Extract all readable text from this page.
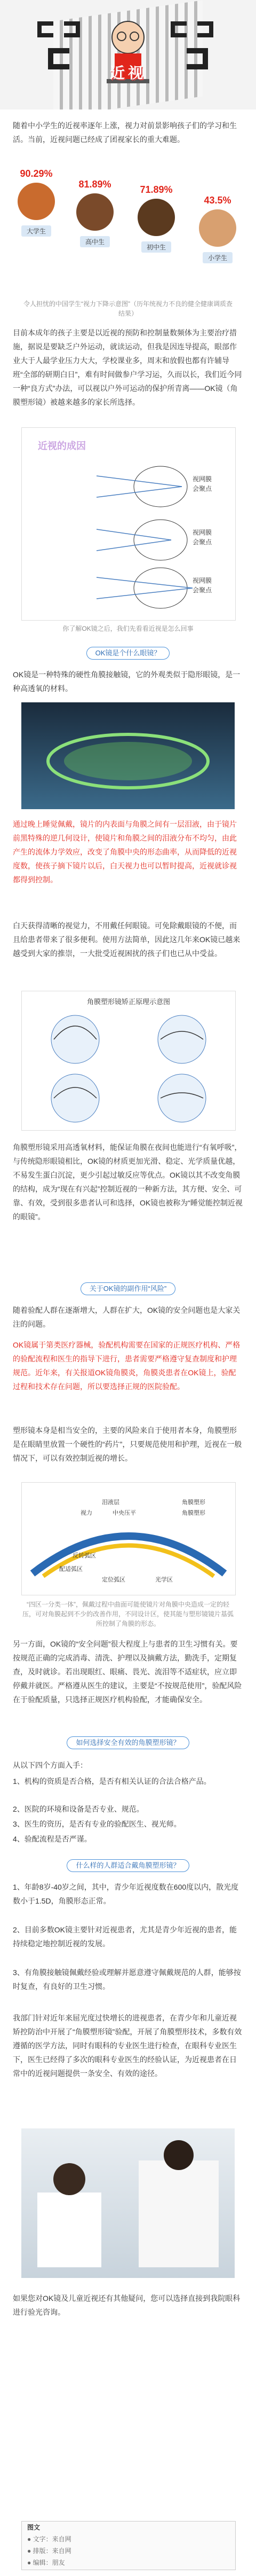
近视
随着中小学生的近视率逐年上涨，视力对前景影响孩子们的学习和生活。当前，近视问题已经成了团视家长的重大难题。
90.29%
大学生
81.89%
高中生
71.89%
初中生
43.5%
小学生
令人担忧的中国学生“视力下降示意图”（历年统视力不良的健全健康调质查结果）
目前本成年的孩子主要是以近视的预防和控制量数频体为主要治疗措施，据说是要缺乏户外运动，就读运动，但我是因连导提高，眼部作业大于人最学业压力大大，学校课业多，周末和放假也都有许辅导班“全部的研期白日”，难有时间做参户学习运，久而以长，我们近今同一种“良方式”办法，可以视以户外可运动的保护所青离——OK镜（角膜塑形镜）被越来越多的家长所选择。
近视的成因
视网膜
会聚点
视网膜
会聚点
视网膜
会聚点
你了解OK镜之后，我们先看看近视是怎么回事
OK镜是个什么眼镜？
OK镜是一种特殊的硬性角膜接触镜，它的外观类似于隐形眼镜，是一种高透氧的材料。
通过晚上睡觉佩戴，镜片的内表面与角膜之间有一层泪液，由于镜片前黑特殊的逆几何设计，使镜片和角膜之间的泪液分布不均匀，由此产生的流体力学效应，改变了角膜中央的形态曲率，从而降低的近视度数，使孩子摘下镜片以后，白天视力也可以暂时提高，近视就诊视都得到控制。
白天获得清晰的视觉力，不用戴任何眼镜。可免除戴眼镜的不便，而且给患者带来了很多便利。使用方法简单，因此这几年来OK镜已越来越受到大家的推崇，一大批受近视困扰的孩子们也已从中受益。
角膜塑形镜矫正原理示意图
角膜塑形镜采用高透氧材料，能保证角膜在夜间也能进行“有氧呼吸”，与传统隐形眼镜相比，OK镜的材质更加光滑、稳定、光学质量优越，不易发生蛋白沉淀，更少引起过敏反应等优点。OK镜以其不改变角膜的结构，成为“现在有兴起”控制近视的一种新方法，其方便、安全、可靠、有效，受到很多患者认可和选择，OK镜也被称为“睡觉能控制近视的眼镜”。
关于OK镜的副作用“风险”
随着验配人群在逐渐增大，人群在扩大，OK镜的安全问题也是大家关注的问题。
OK镜属于第类医疗器械，验配机构需要在国家的正规医疗机构、严格的验配流程和医生的指导下进行，患者需要严格遵守复查制度和护理规范。近年来，有关报道OK镜角膜炎，角膜炎患者在OK镜上，验配过程和技术存在问题，所以要选择正规的医院验配。
塑形镜本身是相当安全的，主要的风险来自于使用者本身，角膜塑形是在眼睛里放置一个硬性的“药片”，只要规范使用和护理，近视在一般情况下，可以有效控制近视的增长。
泪液层	角膜塑形
视力	中央压平	角膜塑形
反转弧区
配适弧区
定位弧区	光学区
“四区一分类一体”，佩戴过程中曲面可能使镜片对角膜中央造成一定的轻压，可对角膜起到不少的改善作用，不同设计区，使其能与塑形镜镜片基弧所控制了角膜的形态。
另一方面，OK镜的“安全问题”很大程度上与患者的卫生习惯有关。要按规范正确的完成消毒、清洗、护理以及摘戴方法，勤洗手，定期复查，及时就诊。若出现眼红、眼痛、畏光、流泪等不适症状，应立即停戴并就医。严格遵从医生的建议，主要是“不按规范使用”，验配风险在于验配质量，只选择正规医疗机构验配，才能确保安全。
如何选择安全有效的角膜塑形镜？
从以下四个方面入手：
1、机构的资质是否合格，是否有相关认证的合法合格产品。
2、医院的环境和设备是否专业、规范。
3、医生的资历，是否有专业的验配医生、视光师。
4、验配流程是否严谨。
什么样的人群适合戴角膜塑形镜？
1、年龄8岁-40岁之间，其中，青少年近视度数在600度以内，散光度数小于1.5D，角膜形态正常。
2、目前多数OK镜主要针对近视患者，尤其是青少年近视的患者，能持续稳定地控制近视的发展。
3、有角膜接触镜佩戴经验或理解并愿意遵守佩戴规范的人群，能够按时复查，有良好的卫生习惯。
我部门针对近年来屈光度过快增长的进视患者，在青少年和儿童近视矫控防治中开展了“角膜塑形镜”验配，开展了角膜塑形技术，多数有效遵循的医学方法，同时有眼科的专业医生进行检查，在眼科专业医生下，医生已经得了多次的眼科专业医生的经验认证，为近视患者在日常中的近视问题提供一条安全、有效的途径。
如果您对OK镜及儿童近视还有其他疑问，您可以选择直接到我院眼科进行验光咨询。
图文
● 文字：来自网
● 排版：来自网
● 编辑：朋友
